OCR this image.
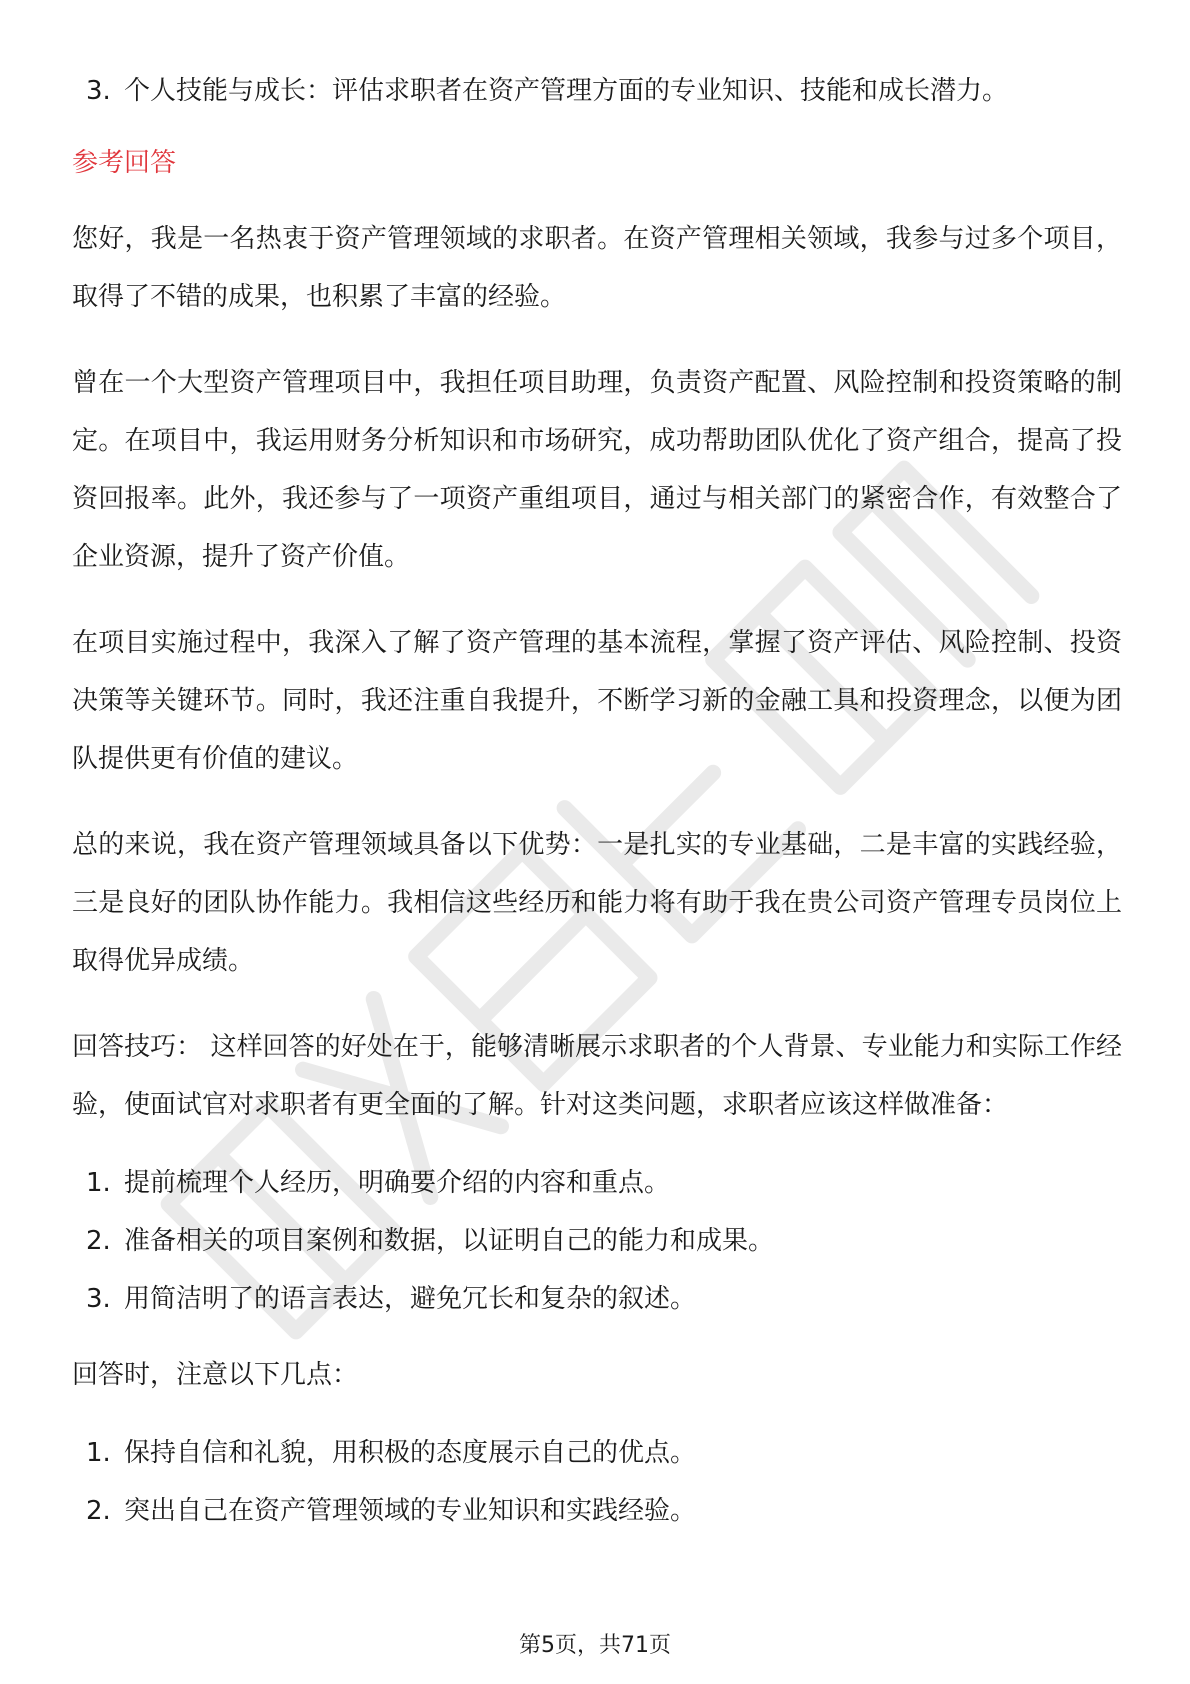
3. 个人技能与成长：评估求职者在资产管理方面的专业知识、技能和成长潜力。
参考回答

您好，我是一名热衷于资产管理领域的求职者。在资产管理相关领域，我参与过多个项目，取得了不错的成果，也积累了丰富的经验。

曾在一个大型资产管理项目中，我担任项目助理，负责资产配置、风险控制和投资策略的制定。在项目中，我运用财务分析知识和市场研究，成功帮助团队优化了资产组合，提高了投资回报率。此外，我还参与了一项资产重组项目，通过与相关部门的紧密合作，有效整合了企业资源，提升了资产价值。

在项目实施过程中，我深入了解了资产管理的基本流程，掌握了资产评估、风险控制、投资决策等关键环节。同时，我还注重自我提升，不断学习新的金融工具和投资理念，以便为团队提供更有价值的建议。

总的来说，我在资产管理领域具备以下优势：一是扎实的专业基础，二是丰富的实践经验，三是良好的团队协作能力。我相信这些经历和能力将有助于我在贵公司资产管理专员岗位上取得优异成绩。

回答技巧： 这样回答的好处在于，能够清晰展示求职者的个人背景、专业能力和实际工作经验，使面试官对求职者有更全面的了解。针对这类问题，求职者应该这样做准备：

1. 提前梳理个人经历，明确要介绍的内容和重点。
2. 准备相关的项目案例和数据，以证明自己的能力和成果。
3. 用简洁明了的语言表达，避免冗长和复杂的叙述。

回答时，注意以下几点：

1. 保持自信和礼貌，用积极的态度展示自己的优点。
2. 突出自己在资产管理领域的专业知识和实践经验。
第5页，共71页
